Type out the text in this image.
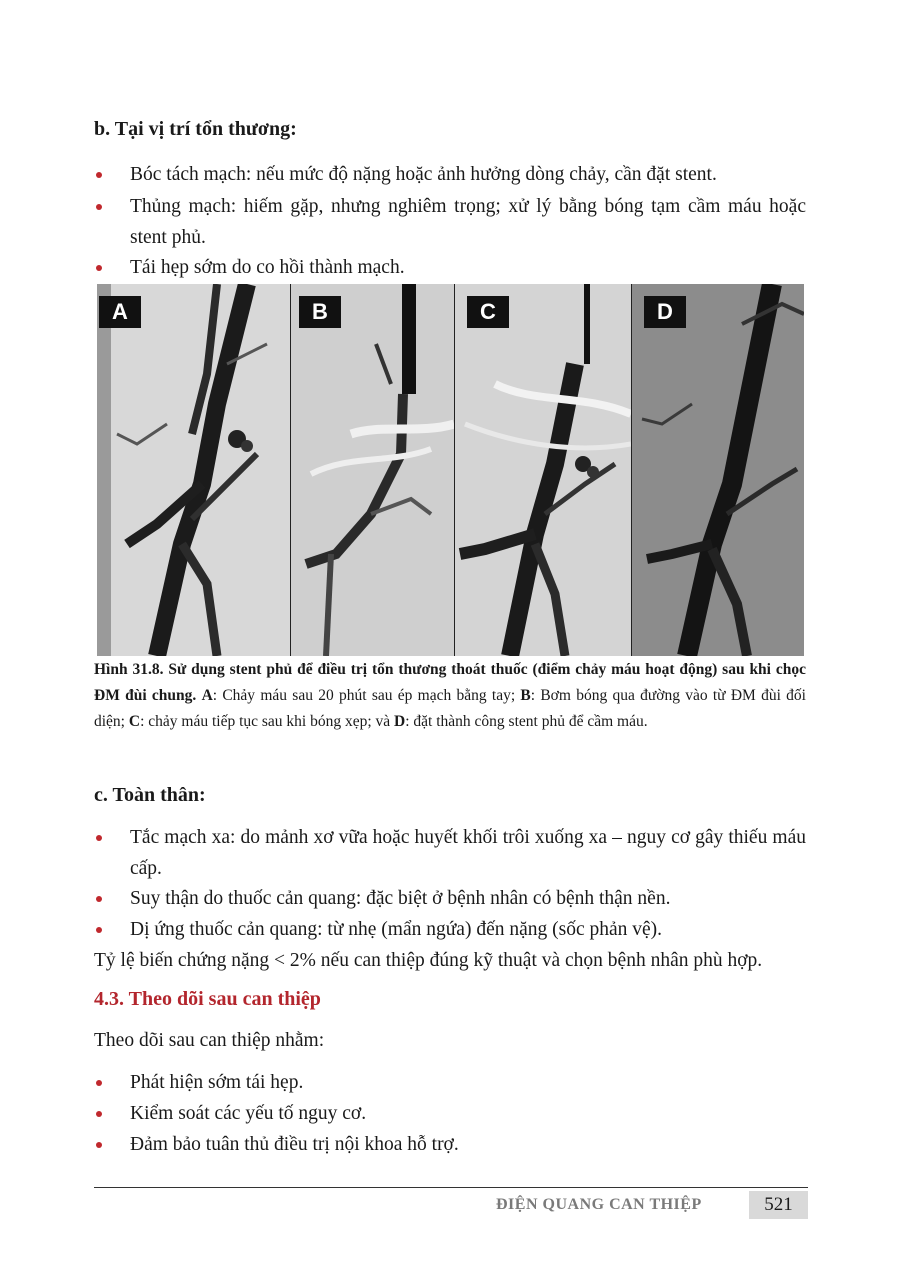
b. Tại vị trí tổn thương:
Bóc tách mạch: nếu mức độ nặng hoặc ảnh hưởng dòng chảy, cần đặt stent.
Thủng mạch: hiếm gặp, nhưng nghiêm trọng; xử lý bằng bóng tạm cầm máu hoặc stent phủ.
Tái hẹp sớm do co hồi thành mạch.
A	B	C	D
Hình 31.8. Sử dụng stent phủ để điều trị tổn thương thoát thuốc (điểm chảy máu hoạt động) sau khi chọc ĐM đùi chung. A: Chảy máu sau 20 phút sau ép mạch bằng tay; B: Bơm bóng qua đường vào từ ĐM đùi đối diện; C: chảy máu tiếp tục sau khi bóng xẹp; và D: đặt thành công stent phủ để cầm máu.
c. Toàn thân:
Tắc mạch xa: do mảnh xơ vữa hoặc huyết khối trôi xuống xa – nguy cơ gây thiếu máu cấp.
Suy thận do thuốc cản quang: đặc biệt ở bệnh nhân có bệnh thận nền.
Dị ứng thuốc cản quang: từ nhẹ (mẩn ngứa) đến nặng (sốc phản vệ).
Tỷ lệ biến chứng nặng < 2% nếu can thiệp đúng kỹ thuật và chọn bệnh nhân phù hợp.
4.3. Theo dõi sau can thiệp
Theo dõi sau can thiệp nhằm:
Phát hiện sớm tái hẹp.
Kiểm soát các yếu tố nguy cơ.
Đảm bảo tuân thủ điều trị nội khoa hỗ trợ.
ĐIỆN QUANG CAN THIỆP	521
